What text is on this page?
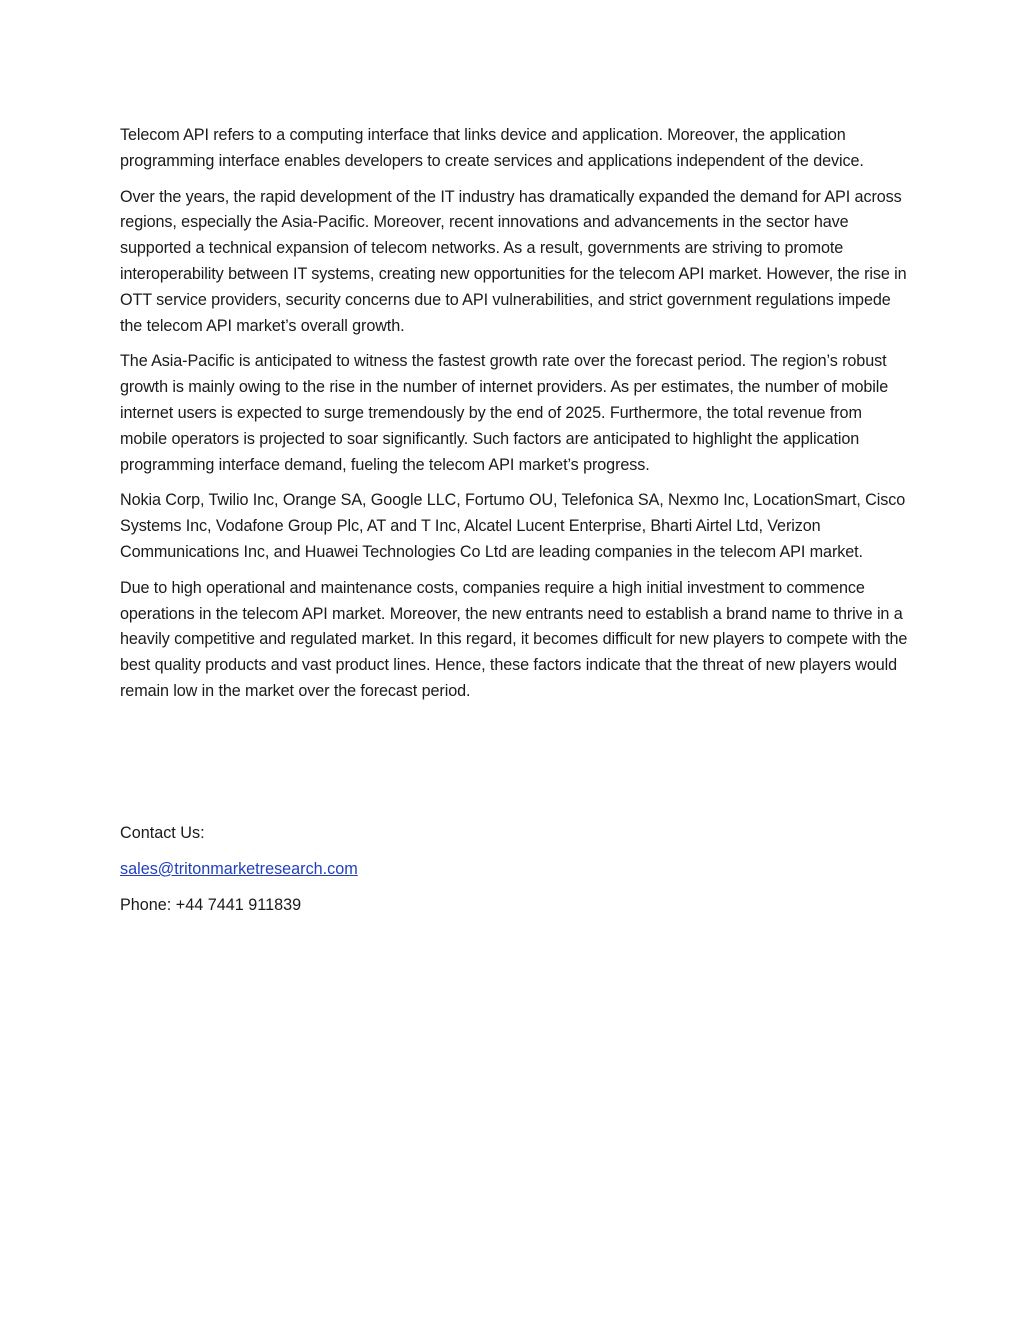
Telecom API refers to a computing interface that links device and application. Moreover, the application programming interface enables developers to create services and applications independent of the device.

Over the years, the rapid development of the IT industry has dramatically expanded the demand for API across regions, especially the Asia-Pacific. Moreover, recent innovations and advancements in the sector have supported a technical expansion of telecom networks. As a result, governments are striving to promote interoperability between IT systems, creating new opportunities for the telecom API market. However, the rise in OTT service providers, security concerns due to API vulnerabilities, and strict government regulations impede the telecom API market’s overall growth.

The Asia-Pacific is anticipated to witness the fastest growth rate over the forecast period. The region’s robust growth is mainly owing to the rise in the number of internet providers. As per estimates, the number of mobile internet users is expected to surge tremendously by the end of 2025. Furthermore, the total revenue from mobile operators is projected to soar significantly. Such factors are anticipated to highlight the application programming interface demand, fueling the telecom API market’s progress.

Nokia Corp, Twilio Inc, Orange SA, Google LLC, Fortumo OU, Telefonica SA, Nexmo Inc, LocationSmart, Cisco Systems Inc, Vodafone Group Plc, AT and T Inc, Alcatel Lucent Enterprise, Bharti Airtel Ltd, Verizon Communications Inc, and Huawei Technologies Co Ltd are leading companies in the telecom API market.

Due to high operational and maintenance costs, companies require a high initial investment to commence operations in the telecom API market. Moreover, the new entrants need to establish a brand name to thrive in a heavily competitive and regulated market. In this regard, it becomes difficult for new players to compete with the best quality products and vast product lines. Hence, these factors indicate that the threat of new players would remain low in the market over the forecast period.

Contact Us:

sales@tritonmarketresearch.com

Phone: +44 7441 911839
